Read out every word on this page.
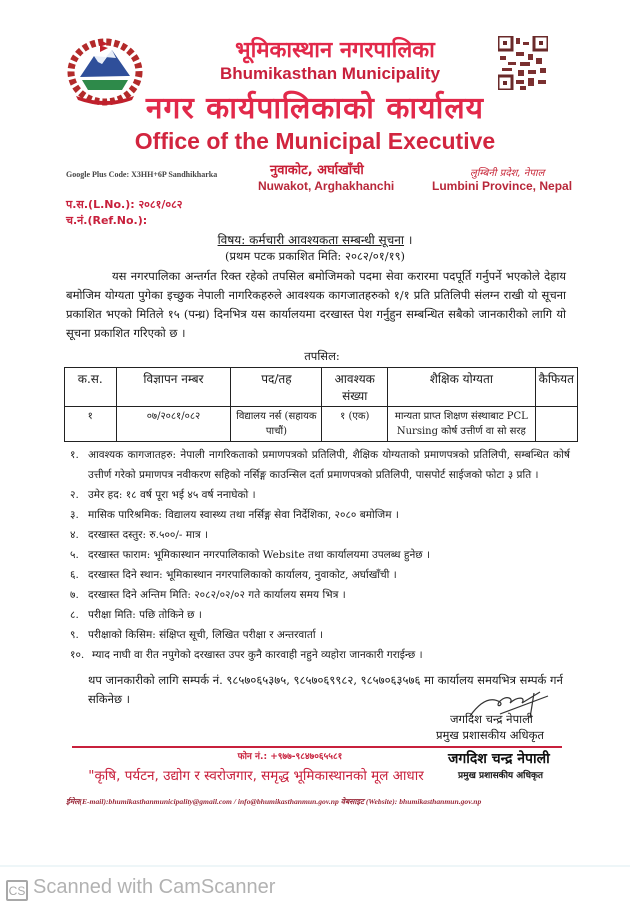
भूमिकास्थान नगरपालिका
Bhumikasthan Municipality
नगर कार्यपालिकाको कार्यालय
Office of the Municipal Executive
Google Plus Code: X3HH+6P Sandhikharka	नुवाकोट, अर्घाखाँची
Nuwakot, Arghakhanchi
लुम्बिनी प्रदेश, नेपाल
Lumbini Province, Nepal
प.स.(L.No.): २०८१/०८२
च.नं.(Ref.No.):
विषय: कर्मचारी आवश्यकता सम्बन्धी सूचना ।
(प्रथम पटक प्रकाशित मिति: २०८२/०१/१९)
यस नगरपालिका अन्तर्गत रिक्त रहेको तपसिल बमोजिमको पदमा सेवा करारमा पदपूर्ति गर्नुपर्ने भएकोले देहाय बमोजिम योग्यता पुगेका इच्छुक नेपाली नागरिकहरुले आवश्यक कागजातहरुको १/१ प्रति प्रतिलिपी संलग्न राखी यो सूचना प्रकाशित भएको मितिले १५ (पन्ध्र) दिनभित्र यस कार्यालयमा दरखास्त पेश गर्नुहुन सम्बन्धित सबैको जानकारीको लागि यो सूचना प्रकाशित गरिएको छ ।
तपसिल:
क.स.	विज्ञापन नम्बर	पद/तह	आवश्यक संख्या	शैक्षिक योग्यता	कैफियत
१	०७/२०८१/०८२	विद्यालय नर्स (सहायक पाचौं)	१ (एक)	मान्यता प्राप्त शिक्षण संस्थाबाट PCL Nursing कोर्ष उत्तीर्ण वा सो सरह	
१. आवश्यक कागजातहरु: नेपाली नागरिकताको प्रमाणपत्रको प्रतिलिपी, शैक्षिक योग्यताको प्रमाणपत्रको प्रतिलिपी, सम्बन्धित कोर्ष उत्तीर्ण गरेको प्रमाणपत्र नवीकरण सहिको नर्सिङ्ग काउन्सिल दर्ता प्रमाणपत्रको प्रतिलिपी, पासपोर्ट साईजको फोटा ३ प्रति ।
२. उमेर हद: १८ वर्ष पूरा भई ४५ वर्ष ननाघेको ।
३. मासिक पारिश्रमिक: विद्यालय स्वास्थ्य तथा नर्सिङ्ग सेवा निर्देशिका, २०८० बमोजिम ।
४. दरखास्त दस्तुर: रु.५००/- मात्र ।
५. दरखास्त फाराम: भूमिकास्थान नगरपालिकाको Website तथा कार्यालयमा उपलब्ध हुनेछ ।
६. दरखास्त दिने स्थान: भूमिकास्थान नगरपालिकाको कार्यालय, नुवाकोट, अर्घाखाँची ।
७. दरखास्त दिने अन्तिम मिति: २०८२/०२/०२ गते कार्यालय समय भित्र ।
८. परीक्षा मिति: पछि तोकिने छ ।
९. परीक्षाको किसिम: संक्षिप्त सूची, लिखित परीक्षा र अन्तरवार्ता ।
१०. म्याद नाघी वा रीत नपुगेको दरखास्त उपर कुनै कारवाही नहुने व्यहोरा जानकारी गराईन्छ ।
थप जानकारीको लागि सम्पर्क नं. ९८५७०६५३७५, ९८५७०६९९८२, ९८५७०६३५७६ मा कार्यालय समयभित्र सम्पर्क गर्न सकिनेछ ।
जगदिश चन्द्र नेपाली
प्रमुख प्रशासकीय अधिकृत
फोन नं.: +९७७-९८४७०६५५८१	जगदिश चन्द्र नेपाली
प्रमुख प्रशासकीय अधिकृत
"कृषि, पर्यटन, उद्योग र स्वरोजगार, समृद्ध भूमिकास्थानको मूल आधार
ईमेल(E-mail):bhumikasthanmunicipality@gmail.com / info@bhumikasthanmun.gov.np वेबसाइट (Website): bhumikasthanmun.gov.np
CS Scanned with CamScanner
